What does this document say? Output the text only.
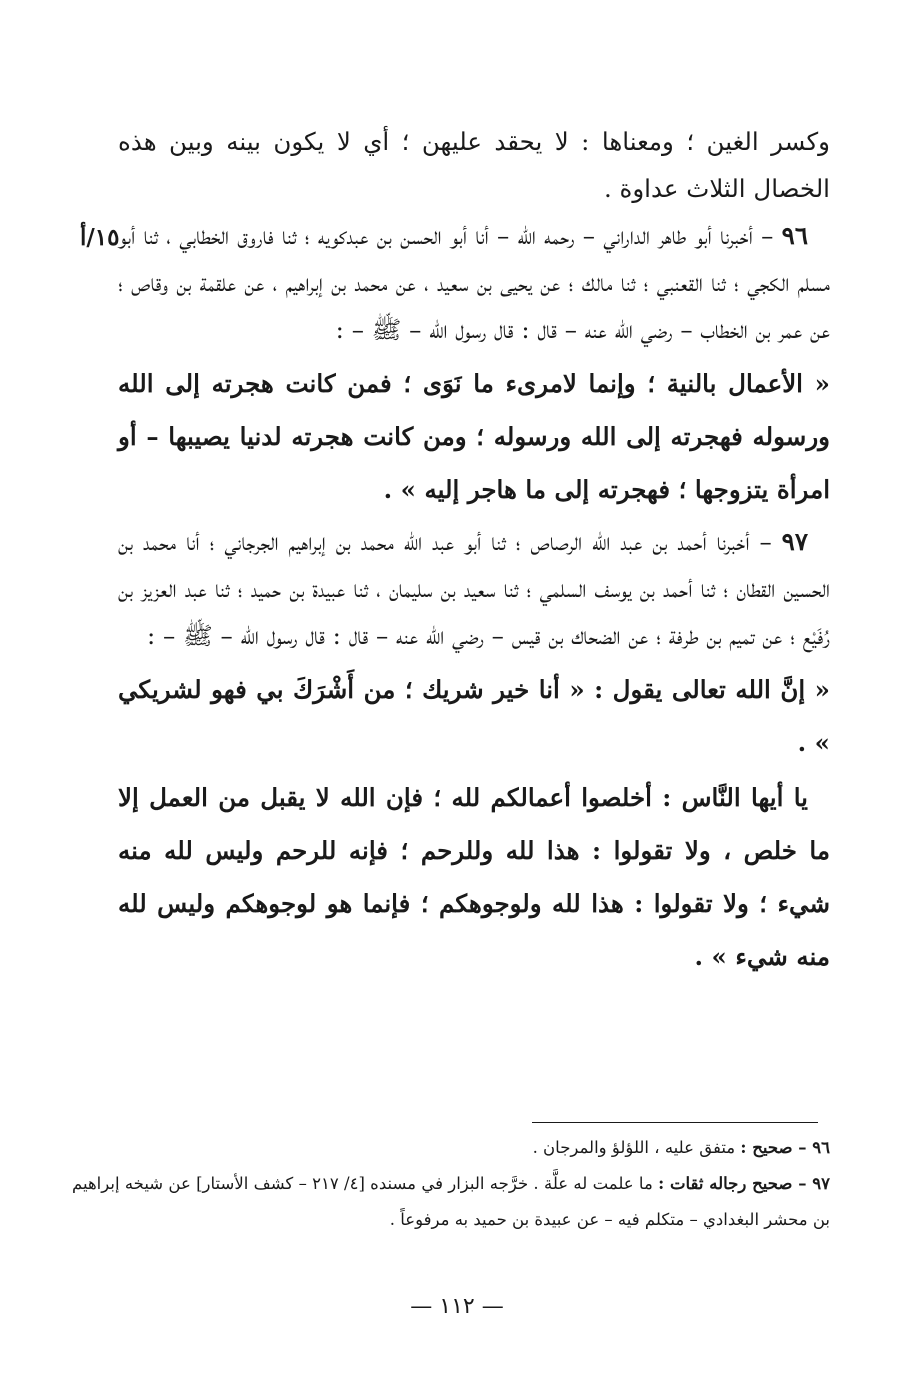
وكسر الغين ؛ ومعناها : لا يحقد عليهن ؛ أي لا يكون بينه وبين هذه الخصال الثلاث عداوة .

٩٦ – أخبرنا أبو طاهر الداراني – رحمه الله – أنا أبو الحسن بن عبدكويه ؛ ثنا فاروق الخطابي ، ثنا أبو مسلم الكجي ؛ ثنا القعنبي ؛ ثنا مالك ؛ عن يحيى بن سعيد ، عن محمد بن إبراهيم ، عن علقمة بن وقاص ؛ عن عمر بن الخطاب – رضي الله عنه – قال : قال رسول الله – ﷺ – :

« الأعمال بالنية ؛ وإنما لامرىء ما نَوَى ؛ فمن كانت هجرته إلى الله ورسوله فهجرته إلى الله ورسوله ؛ ومن كانت هجرته لدنيا يصيبها – أو امرأة يتزوجها ؛ فهجرته إلى ما هاجر إليه » .

٩٧ – أخبرنا أحمد بن عبد الله الرصاص ؛ ثنا أبو عبد الله محمد بن إبراهيم الجرجاني ؛ أنا محمد بن الحسين القطان ؛ ثنا أحمد بن يوسف السلمي ؛ ثنا سعيد بن سليمان ، ثنا عبيدة بن حميد ؛ ثنا عبد العزيز بن رُفَيْع ؛ عن تميم بن طرفة ؛ عن الضحاك بن قيس – رضي الله عنه – قال : قال رسول الله – ﷺ – :

« إنَّ الله تعالى يقول : « أنا خير شريك ؛ من أَشْرَكَ بي فهو لشريكي » .

يا أيها النَّاس : أخلصوا أعمالكم لله ؛ فإن الله لا يقبل من العمل إلا ما خلص ، ولا تقولوا : هذا لله وللرحم ؛ فإنه للرحم وليس لله منه شيء ؛ ولا تقولوا : هذا لله ولوجوهكم ؛ فإنما هو لوجوهكم وليس لله منه شيء » .

١٥/أ

٩٦ – صحيح : متفق عليه ، اللؤلؤ والمرجان .

٩٧ – صحيح رجاله ثقات : ما علمت له علَّة . خرَّجه البزار في مسنده [٤/ ٢١٧ – كشف الأستار] عن شيخه إبراهيم بن محشر البغدادي – متكلم فيه – عن عبيدة بن حميد به مرفوعاً .

— ١١٢ —
